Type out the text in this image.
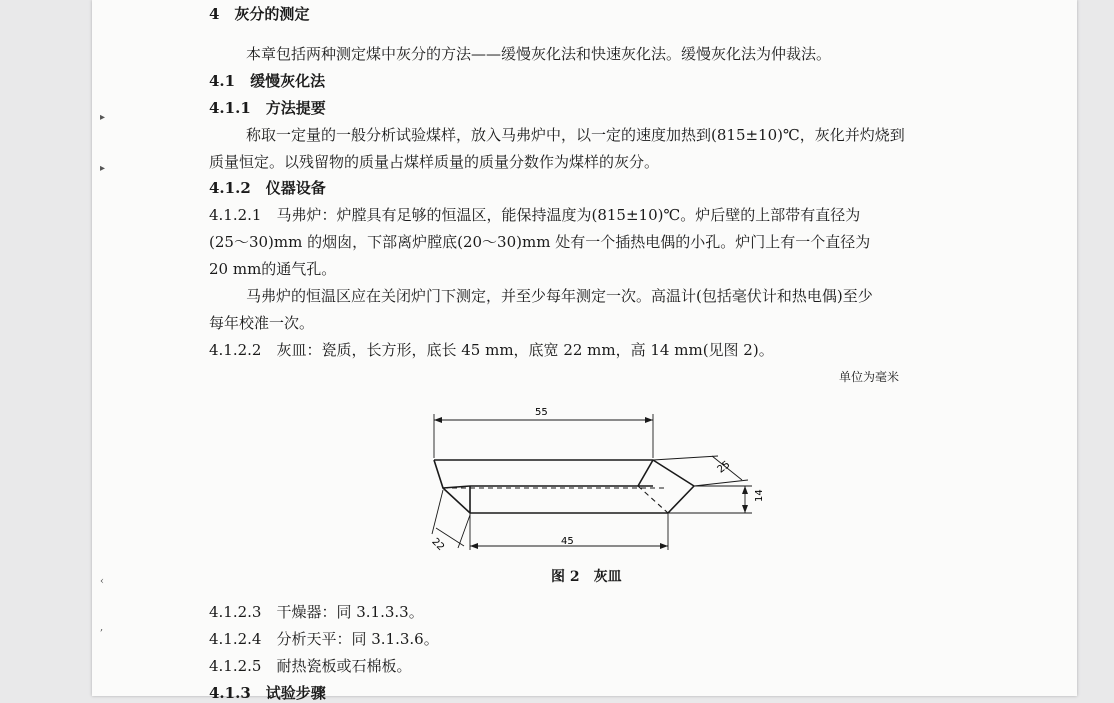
4　灰分的测定
本章包括两种测定煤中灰分的方法——缓慢灰化法和快速灰化法。缓慢灰化法为仲裁法。
4.1　缓慢灰化法
4.1.1　方法提要
称取一定量的一般分析试验煤样，放入马弗炉中，以一定的速度加热到(815±10)℃，灰化并灼烧到
质量恒定。以残留物的质量占煤样质量的质量分数作为煤样的灰分。
4.1.2　仪器设备
4.1.2.1　马弗炉：炉膛具有足够的恒温区，能保持温度为(815±10)℃。炉后壁的上部带有直径为
(25～30)mm 的烟囱，下部离炉膛底(20～30)mm 处有一个插热电偶的小孔。炉门上有一个直径为
20 mm的通气孔。
马弗炉的恒温区应在关闭炉门下测定，并至少每年测定一次。高温计(包括毫伏计和热电偶)至少
每年校准一次。
4.1.2.2　灰皿：瓷质，长方形，底长 45 mm，底宽 22 mm，高 14 mm(见图 2)。
单位为毫米
55
25
14
45
22
图 2　灰皿
4.1.2.3　干燥器：同 3.1.3.3。
4.1.2.4　分析天平：同 3.1.3.6。
4.1.2.5　耐热瓷板或石棉板。
4.1.3　试验步骤
▸
▸
‹
,
